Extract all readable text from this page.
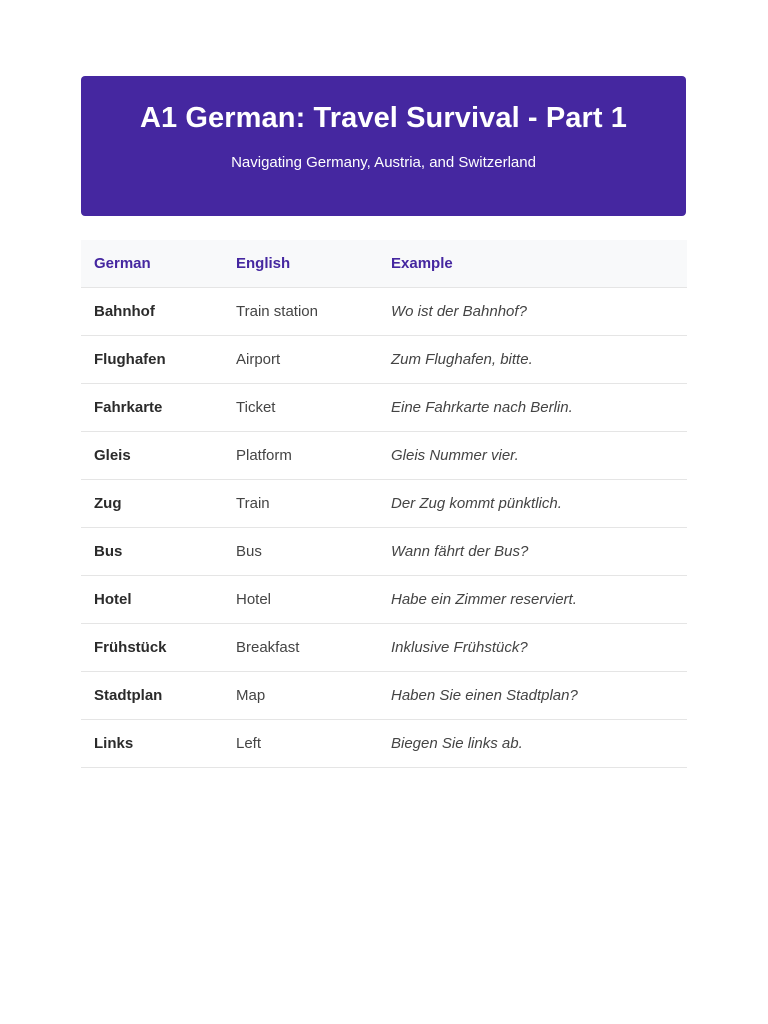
A1 German: Travel Survival - Part 1

Navigating Germany, Austria, and Switzerland

German	English	Example
Bahnhof	Train station	Wo ist der Bahnhof?
Flughafen	Airport	Zum Flughafen, bitte.
Fahrkarte	Ticket	Eine Fahrkarte nach Berlin.
Gleis	Platform	Gleis Nummer vier.
Zug	Train	Der Zug kommt pünktlich.
Bus	Bus	Wann fährt der Bus?
Hotel	Hotel	Habe ein Zimmer reserviert.
Frühstück	Breakfast	Inklusive Frühstück?
Stadtplan	Map	Haben Sie einen Stadtplan?
Links	Left	Biegen Sie links ab.
